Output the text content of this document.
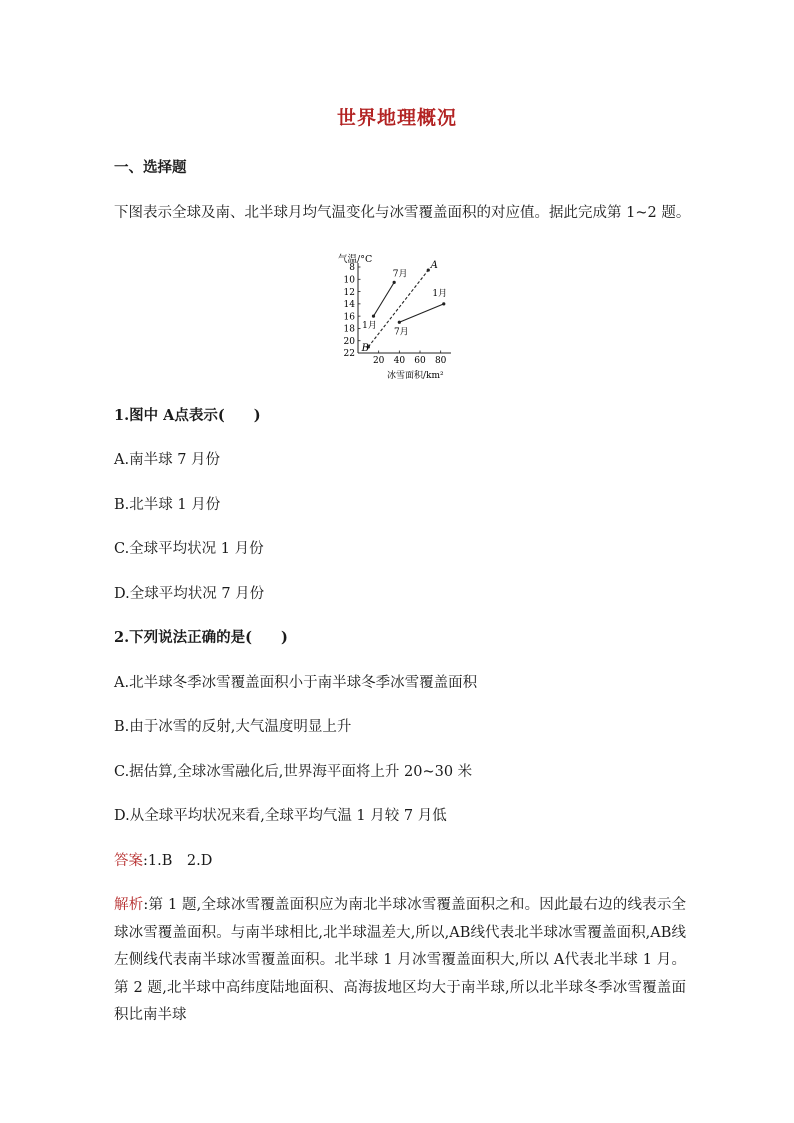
世界地理概况
一、选择题
下图表示全球及南、北半球月均气温变化与冰雪覆盖面积的对应值。据此完成第 1~2 题。
气温/°C
冰雪面积/km²
8
10
12
14
16
18
20
22
20 40 60 80
1月
7月
B
A
7月
1月
1.图中 A点表示(　　)
A.南半球 7 月份
B.北半球 1 月份
C.全球平均状况 1 月份
D.全球平均状况 7 月份
2.下列说法正确的是(　　)
A.北半球冬季冰雪覆盖面积小于南半球冬季冰雪覆盖面积
B.由于冰雪的反射,大气温度明显上升
C.据估算,全球冰雪融化后,世界海平面将上升 20~30 米
D.从全球平均状况来看,全球平均气温 1 月较 7 月低
答案:1.B　2.D
解析:第 1 题,全球冰雪覆盖面积应为南北半球冰雪覆盖面积之和。因此最右边的线表示全球冰雪覆盖面积。与南半球相比,北半球温差大,所以,AB线代表北半球冰雪覆盖面积,AB线左侧线代表南半球冰雪覆盖面积。北半球 1 月冰雪覆盖面积大,所以 A代表北半球 1 月。第 2 题,北半球中高纬度陆地面积、高海拔地区均大于南半球,所以北半球冬季冰雪覆盖面积比南半球
